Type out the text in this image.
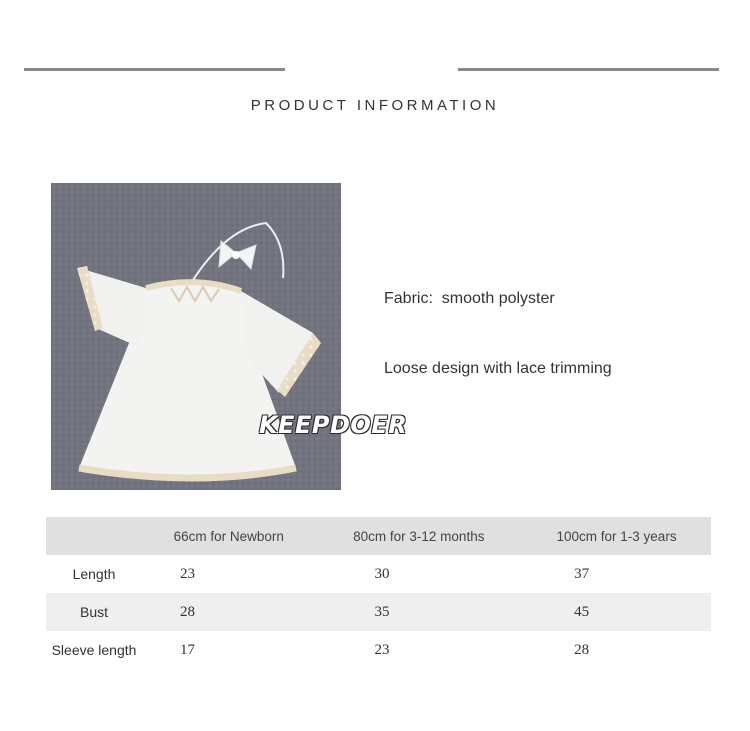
PRODUCT INFORMATION
KEEPDOER
Fabric:  smooth polyster
Loose design with lace trimming
	66cm for Newborn	80cm for 3-12 months	100cm for 1-3 years
Length	23	30	37
Bust	28	35	45
Sleeve length	17	23	28
